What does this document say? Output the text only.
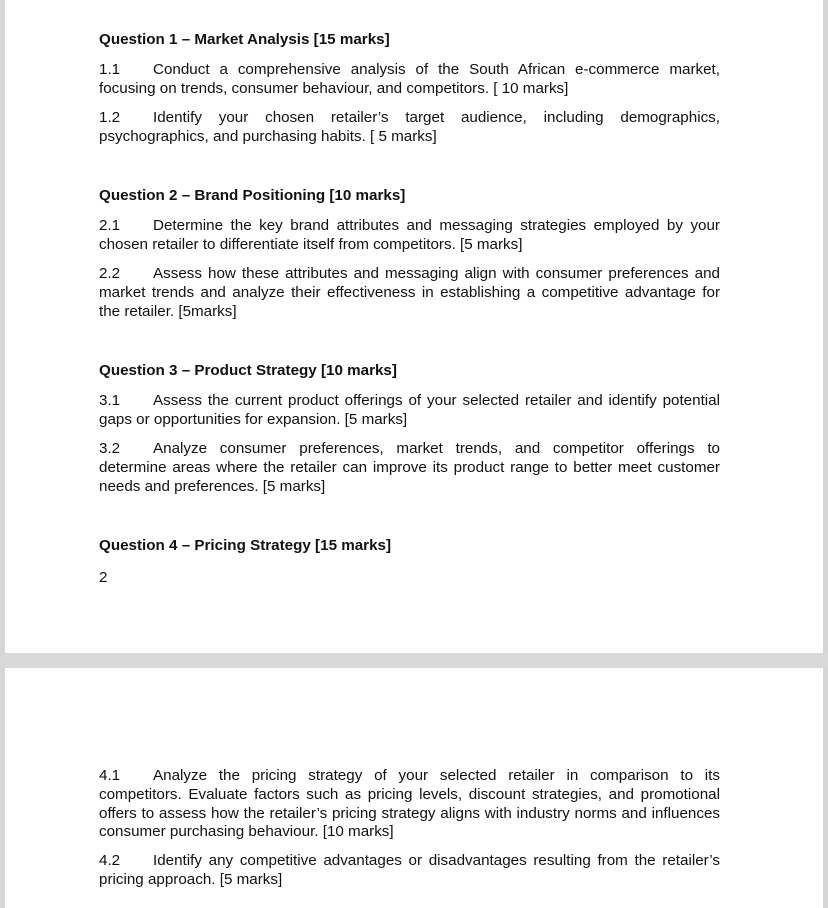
Question 1 – Market Analysis [15 marks]
1.1 Conduct a comprehensive analysis of the South African e-commerce market, focusing on trends, consumer behaviour, and competitors. [ 10 marks]
1.2 Identify your chosen retailer’s target audience, including demographics, psychographics, and purchasing habits. [ 5 marks]
Question 2 – Brand Positioning [10 marks]
2.1 Determine the key brand attributes and messaging strategies employed by your chosen retailer to differentiate itself from competitors. [5 marks]
2.2 Assess how these attributes and messaging align with consumer preferences and market trends and analyze their effectiveness in establishing a competitive advantage for the retailer. [5marks]
Question 3 – Product Strategy [10 marks]
3.1 Assess the current product offerings of your selected retailer and identify potential gaps or opportunities for expansion. [5 marks]
3.2 Analyze consumer preferences, market trends, and competitor offerings to determine areas where the retailer can improve its product range to better meet customer needs and preferences. [5 marks]
Question 4 – Pricing Strategy [15 marks]
2
4.1 Analyze the pricing strategy of your selected retailer in comparison to its competitors. Evaluate factors such as pricing levels, discount strategies, and promotional offers to assess how the retailer’s pricing strategy aligns with industry norms and influences consumer purchasing behaviour. [10 marks]
4.2 Identify any competitive advantages or disadvantages resulting from the retailer’s pricing approach. [5 marks]
